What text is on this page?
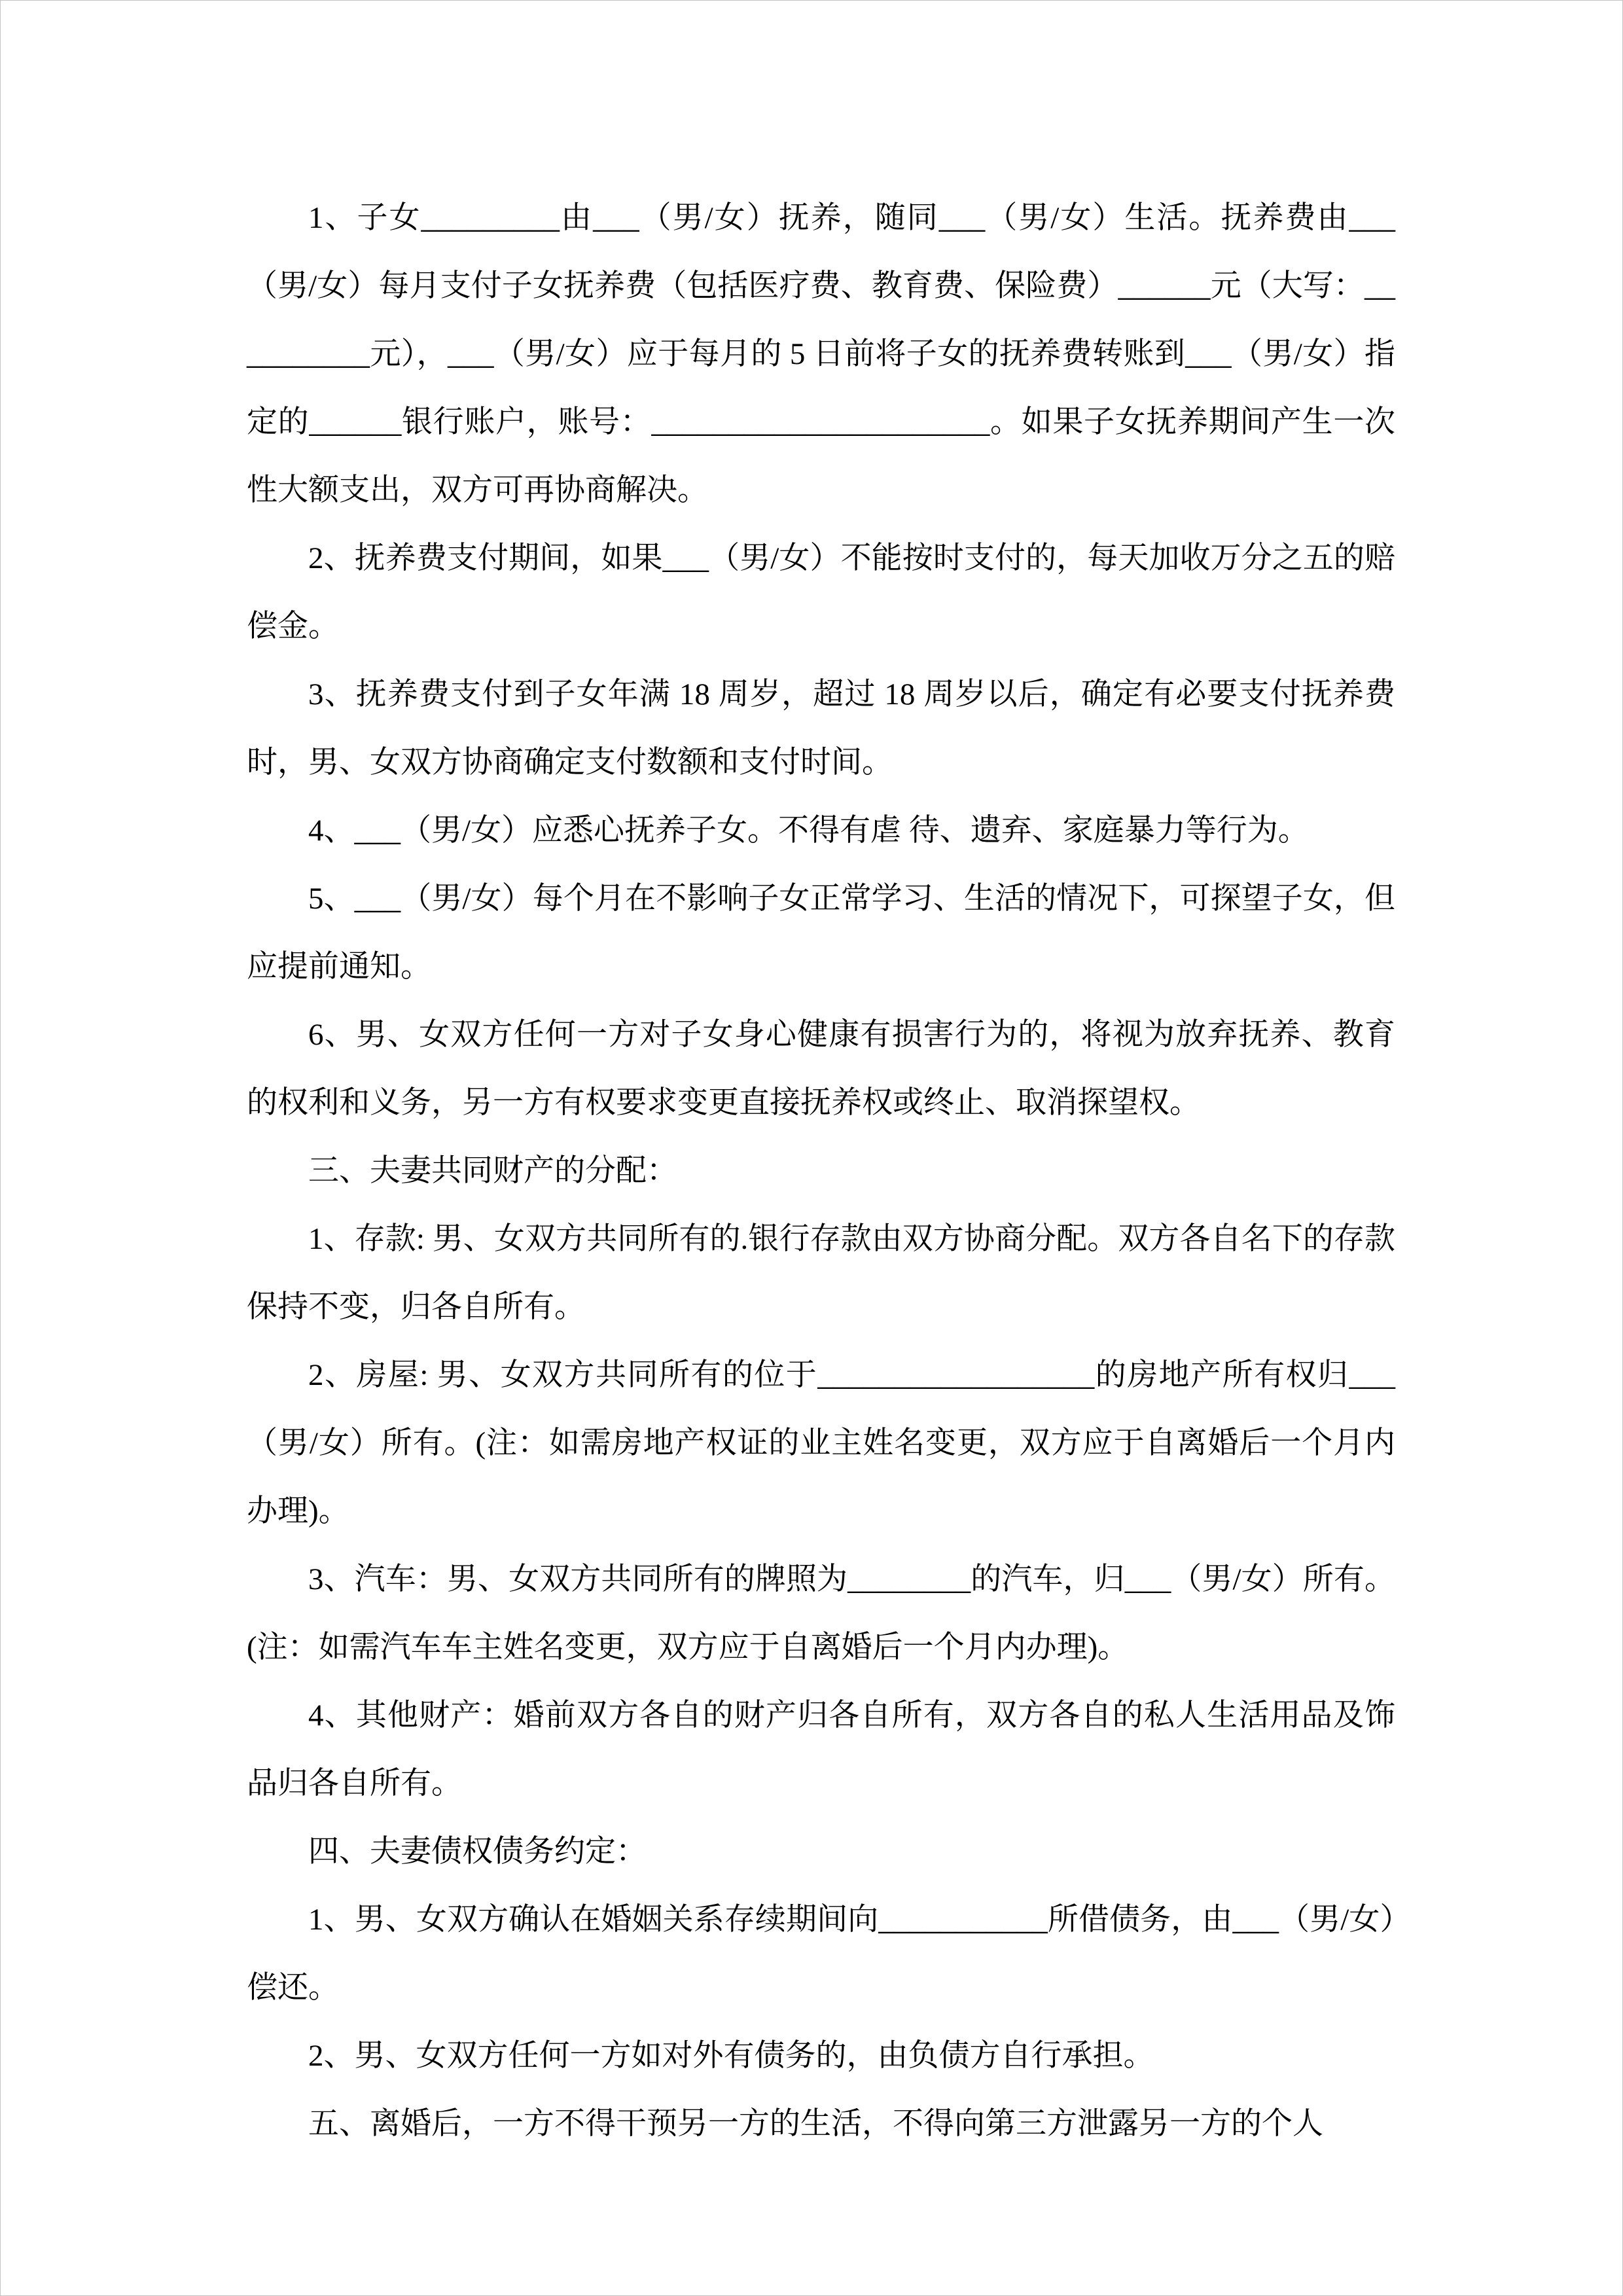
1、子女_________由___（男/女）抚养，随同___（男/女）生活。抚养费由___（男/女）每月支付子女抚养费（包括医疗费、教育费、保险费）______元（大写：__________元），___（男/女）应于每月的 5 日前将子女的抚养费转账到___（男/女）指定的______银行账户，账号：______________________。如果子女抚养期间产生一次性大额支出，双方可再协商解决。

2、抚养费支付期间，如果___（男/女）不能按时支付的，每天加收万分之五的赔偿金。

3、抚养费支付到子女年满 18 周岁，超过 18 周岁以后，确定有必要支付抚养费时，男、女双方协商确定支付数额和支付时间。

4、___（男/女）应悉心抚养子女。不得有虐 待、遗弃、家庭暴力等行为。

5、___（男/女）每个月在不影响子女正常学习、生活的情况下，可探望子女，但应提前通知。

6、男、女双方任何一方对子女身心健康有损害行为的，将视为放弃抚养、教育的权利和义务，另一方有权要求变更直接抚养权或终止、取消探望权。

三、夫妻共同财产的分配：

1、存款: 男、女双方共同所有的.银行存款由双方协商分配。双方各自名下的存款保持不变，归各自所有。

2、房屋: 男、女双方共同所有的位于__________________的房地产所有权归___（男/女）所有。(注：如需房地产权证的业主姓名变更，双方应于自离婚后一个月内办理)。

3、汽车：男、女双方共同所有的牌照为________的汽车，归___（男/女）所有。(注：如需汽车车主姓名变更，双方应于自离婚后一个月内办理)。

4、其他财产：婚前双方各自的财产归各自所有，双方各自的私人生活用品及饰品归各自所有。

四、夫妻债权债务约定：

1、男、女双方确认在婚姻关系存续期间向___________所借债务，由___（男/女）偿还。

2、男、女双方任何一方如对外有债务的，由负债方自行承担。

五、离婚后，一方不得干预另一方的生活，不得向第三方泄露另一方的个人
